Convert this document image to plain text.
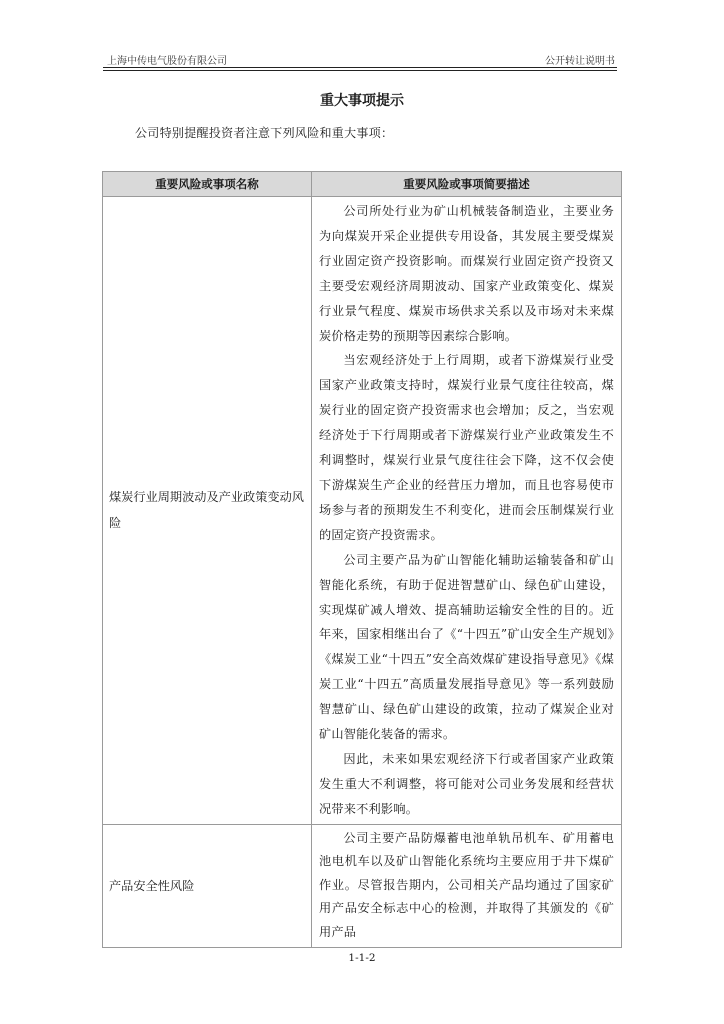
上海中传电气股份有限公司	公开转让说明书
重大事项提示
公司特别提醒投资者注意下列风险和重大事项：
重要风险或事项名称	重要风险或事项简要描述
煤炭行业周期波动及产业政策变动风险	公司所处行业为矿山机械装备制造业，主要业务为向煤炭开采企业提供专用设备，其发展主要受煤炭行业固定资产投资影响。而煤炭行业固定资产投资又主要受宏观经济周期波动、国家产业政策变化、煤炭行业景气程度、煤炭市场供求关系以及市场对未来煤炭价格走势的预期等因素综合影响。

当宏观经济处于上行周期，或者下游煤炭行业受国家产业政策支持时，煤炭行业景气度往往较高，煤炭行业的固定资产投资需求也会增加；反之，当宏观经济处于下行周期或者下游煤炭行业产业政策发生不利调整时，煤炭行业景气度往往会下降，这不仅会使下游煤炭生产企业的经营压力增加，而且也容易使市场参与者的预期发生不利变化，进而会压制煤炭行业的固定资产投资需求。

公司主要产品为矿山智能化辅助运输装备和矿山智能化系统，有助于促进智慧矿山、绿色矿山建设，实现煤矿减人增效、提高辅助运输安全性的目的。近年来，国家相继出台了《“十四五”矿山安全生产规划》《煤炭工业“十四五”安全高效煤矿建设指导意见》《煤炭工业“十四五”高质量发展指导意见》等一系列鼓励智慧矿山、绿色矿山建设的政策，拉动了煤炭企业对矿山智能化装备的需求。

因此，未来如果宏观经济下行或者国家产业政策发生重大不利调整，将可能对公司业务发展和经营状况带来不利影响。

产品安全性风险	公司主要产品防爆蓄电池单轨吊机车、矿用蓄电池电机车以及矿山智能化系统均主要应用于井下煤矿作业。尽管报告期内，公司相关产品均通过了国家矿用产品安全标志中心的检测，并取得了其颁发的《矿用产品

1-1-2
